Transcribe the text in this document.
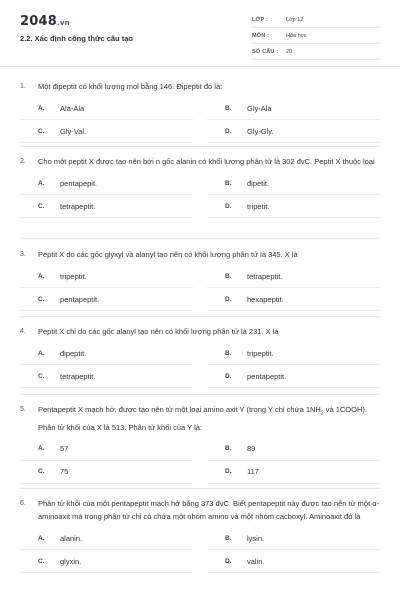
2048.vn
2.2. Xác định công thức cấu tạo
LỚP :	Lớp 12
MÔN :	Hóa học
SỐ CÂU :	20
1. Một đipeptit có khối lượng mol bằng 146. Đipeptit đó là:
A.	Ala-Ala	B.	Gly-Ala
C.	Gly-Val.	D.	Gly-Gly.
2. Cho một peptit X được tạo nên bởi n gốc alanin có khối lượng phân tử là 302 đvC. Peptit X thuộc loại
A.	pentapepit.	B.	đipetit.
C.	tetrapeptit.	D.	tripetit.
3. Peptit X do các gốc glyxyl và alanyl tạo nên có khối lượng phân tử là 345. X là
A.	tripeptit.	B.	tetrapeptit.
C.	pentapeptit.	D.	hexapeptit.
4. Peptit X chỉ do các gốc alanyl tạo nên có khối lượng phân tử là 231. X là
A.	đipeptit.	B.	tripeptit.
C.	tetrapeptit.	D.	pentapeptit.
5. Pentapeptit X mạch hở, được tạo nên từ một loại amino axit Y (trong Y chỉ chứa $1NH_2$ và 1COOH). Phân tử khối của X là 513. Phân tử khối của Y là:
A.	57	B.	89
C.	75	D.	117
6. Phân tử khối của một pentapeptit mạch hở bằng 373 đvC. Biết pentapeptit này được tạo nên từ một α-aminoaxit mà trong phân tử chỉ có chứa một nhóm amino và một nhóm cacboxyl. Aminoaxit đó là
A.	alanin.	B.	lysin.
C.	glyxin.	D.	valin.
